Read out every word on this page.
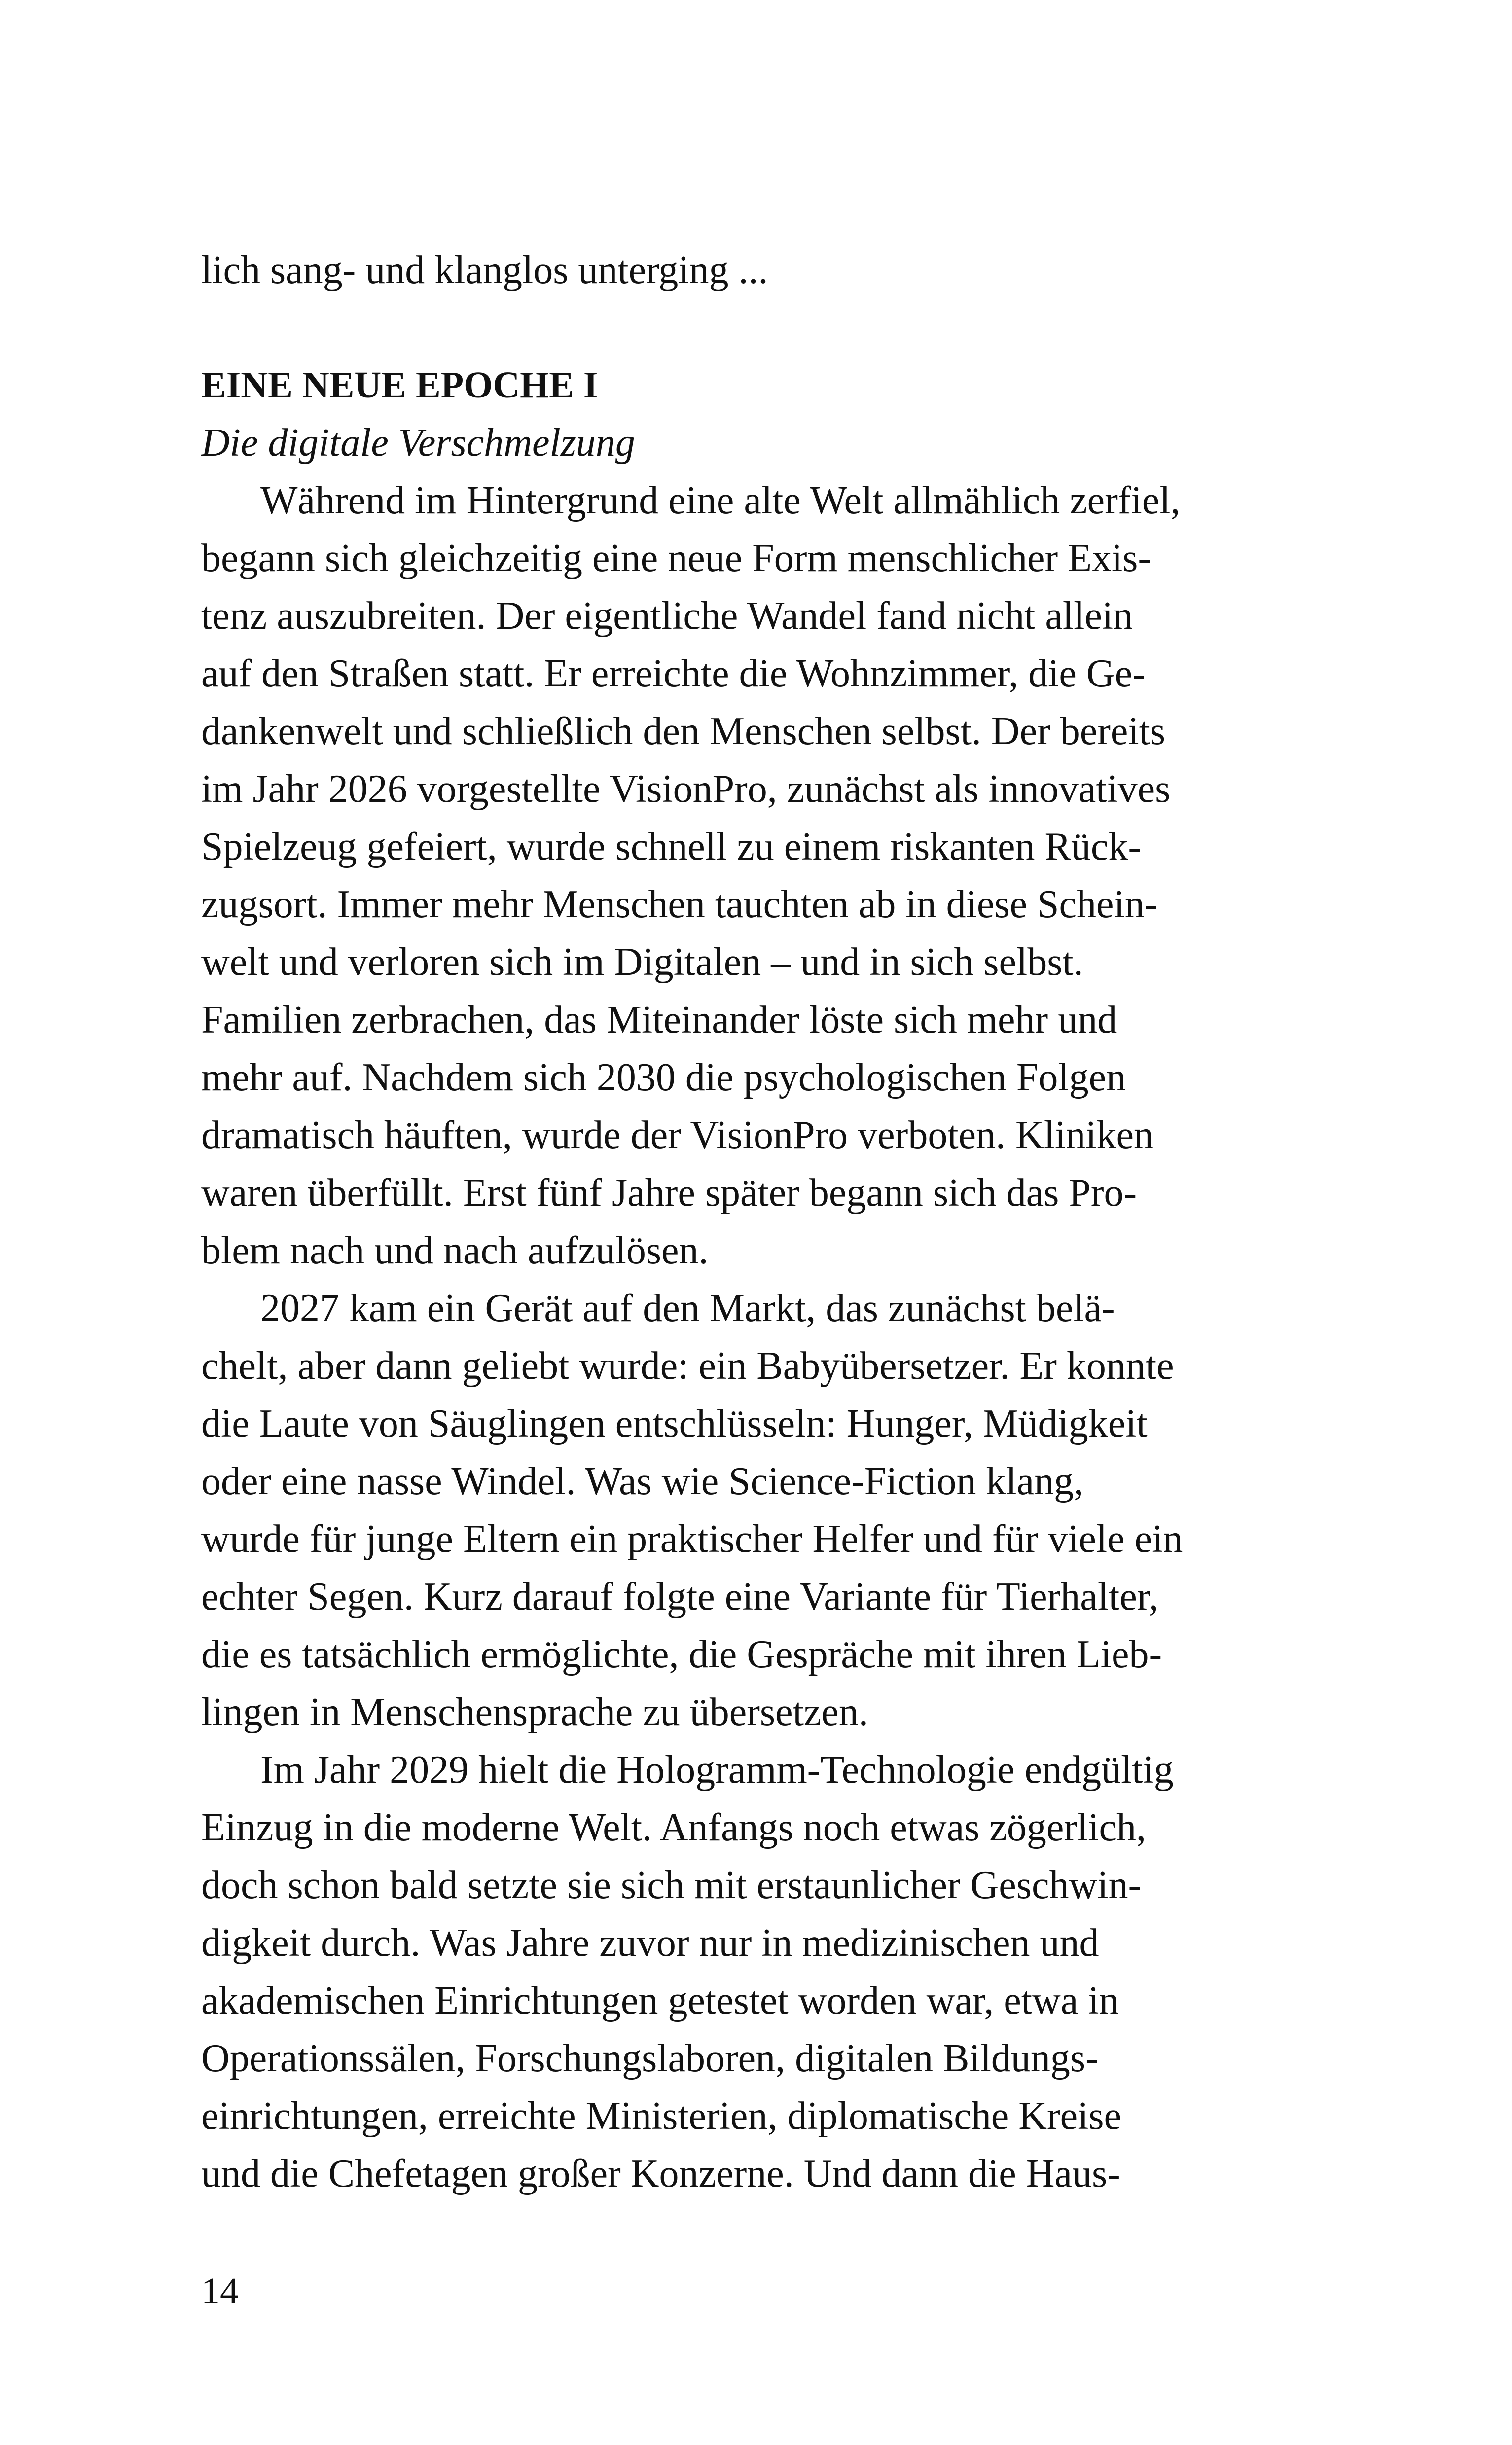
lich sang- und klanglos unterging ...
EINE NEUE EPOCHE I
Die digitale Verschmelzung
Während im Hintergrund eine alte Welt allmählich zerfiel,
begann sich gleichzeitig eine neue Form menschlicher Exis-
tenz auszubreiten. Der eigentliche Wandel fand nicht allein
auf den Straßen statt. Er erreichte die Wohnzimmer, die Ge-
dankenwelt und schließlich den Menschen selbst. Der bereits
im Jahr 2026 vorgestellte VisionPro, zunächst als innovatives
Spielzeug gefeiert, wurde schnell zu einem riskanten Rück-
zugsort. Immer mehr Menschen tauchten ab in diese Schein-
welt und verloren sich im Digitalen – und in sich selbst.
Familien zerbrachen, das Miteinander löste sich mehr und
mehr auf. Nachdem sich 2030 die psychologischen Folgen
dramatisch häuften, wurde der VisionPro verboten. Kliniken
waren überfüllt. Erst fünf Jahre später begann sich das Pro-
blem nach und nach aufzulösen.
2027 kam ein Gerät auf den Markt, das zunächst belä-
chelt, aber dann geliebt wurde: ein Babyübersetzer. Er konnte
die Laute von Säuglingen entschlüsseln: Hunger, Müdigkeit
oder eine nasse Windel. Was wie Science-Fiction klang,
wurde für junge Eltern ein praktischer Helfer und für viele ein
echter Segen. Kurz darauf folgte eine Variante für Tierhalter,
die es tatsächlich ermöglichte, die Gespräche mit ihren Lieb-
lingen in Menschensprache zu übersetzen.
Im Jahr 2029 hielt die Hologramm-Technologie endgültig
Einzug in die moderne Welt. Anfangs noch etwas zögerlich,
doch schon bald setzte sie sich mit erstaunlicher Geschwin-
digkeit durch. Was Jahre zuvor nur in medizinischen und
akademischen Einrichtungen getestet worden war, etwa in
Operationssälen, Forschungslaboren, digitalen Bildungs-
einrichtungen, erreichte Ministerien, diplomatische Kreise
und die Chefetagen großer Konzerne. Und dann die Haus-
14
